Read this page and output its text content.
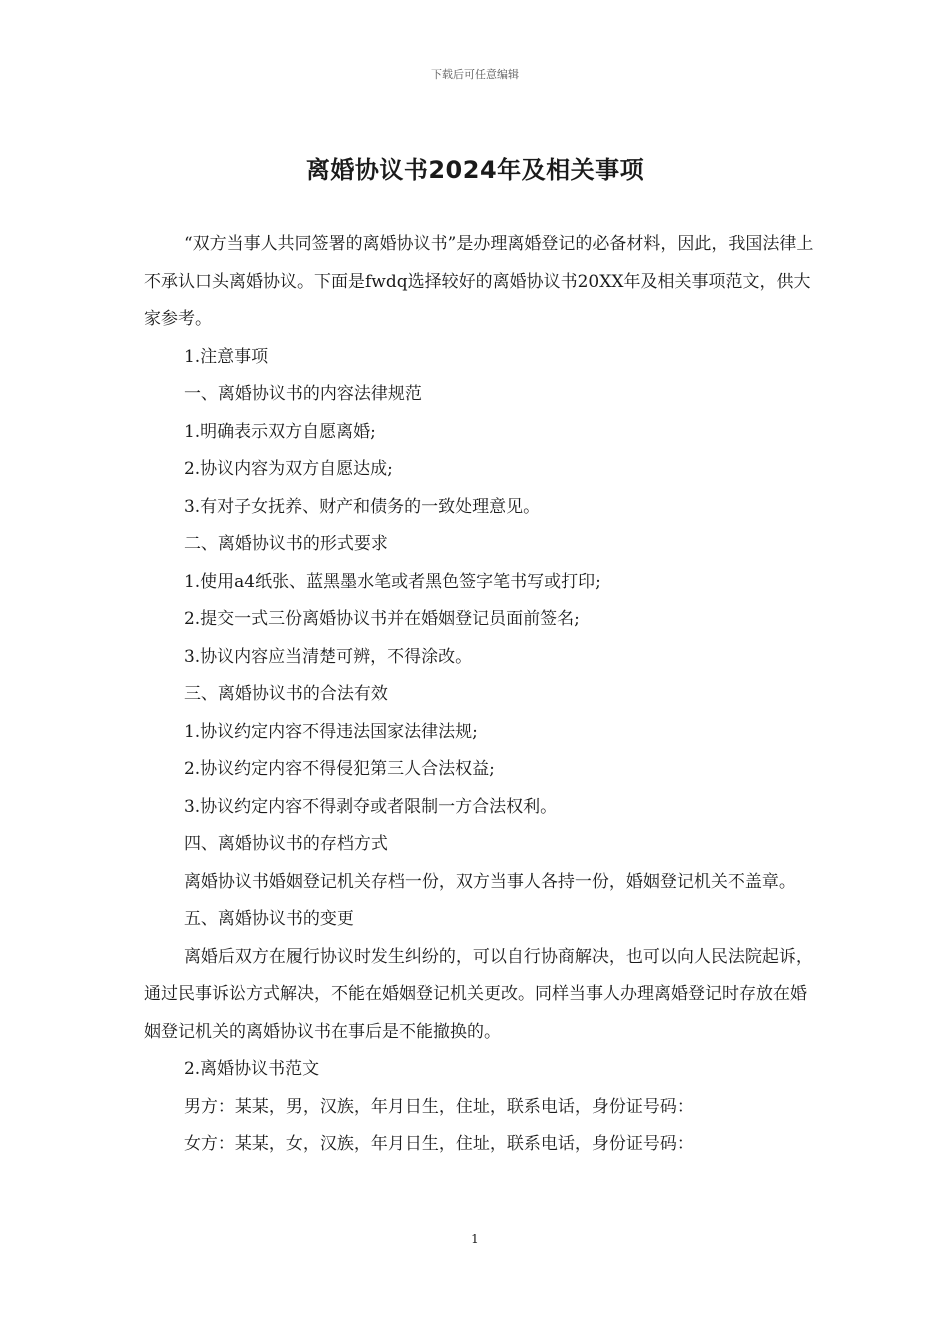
下载后可任意编辑
离婚协议书2024年及相关事项

“双方当事人共同签署的离婚协议书”是办理离婚登记的必备材料，因此，我国法律上不承认口头离婚协议。下面是fwdq选择较好的离婚协议书20XX年及相关事项范文，供大家参考。

1.注意事项

一、离婚协议书的内容法律规范

1.明确表示双方自愿离婚;

2.协议内容为双方自愿达成;

3.有对子女抚养、财产和债务的一致处理意见。

二、离婚协议书的形式要求

1.使用a4纸张、蓝黑墨水笔或者黑色签字笔书写或打印;

2.提交一式三份离婚协议书并在婚姻登记员面前签名;

3.协议内容应当清楚可辨，不得涂改。

三、离婚协议书的合法有效

1.协议约定内容不得违法国家法律法规;

2.协议约定内容不得侵犯第三人合法权益;

3.协议约定内容不得剥夺或者限制一方合法权利。

四、离婚协议书的存档方式

离婚协议书婚姻登记机关存档一份，双方当事人各持一份，婚姻登记机关不盖章。

五、离婚协议书的变更

离婚后双方在履行协议时发生纠纷的，可以自行协商解决，也可以向人民法院起诉，通过民事诉讼方式解决，不能在婚姻登记机关更改。同样当事人办理离婚登记时存放在婚姻登记机关的离婚协议书在事后是不能撤换的。

2.离婚协议书范文

男方：某某，男，汉族，年月日生，住址，联系电话，身份证号码：

女方：某某，女，汉族，年月日生，住址，联系电话，身份证号码：

1
